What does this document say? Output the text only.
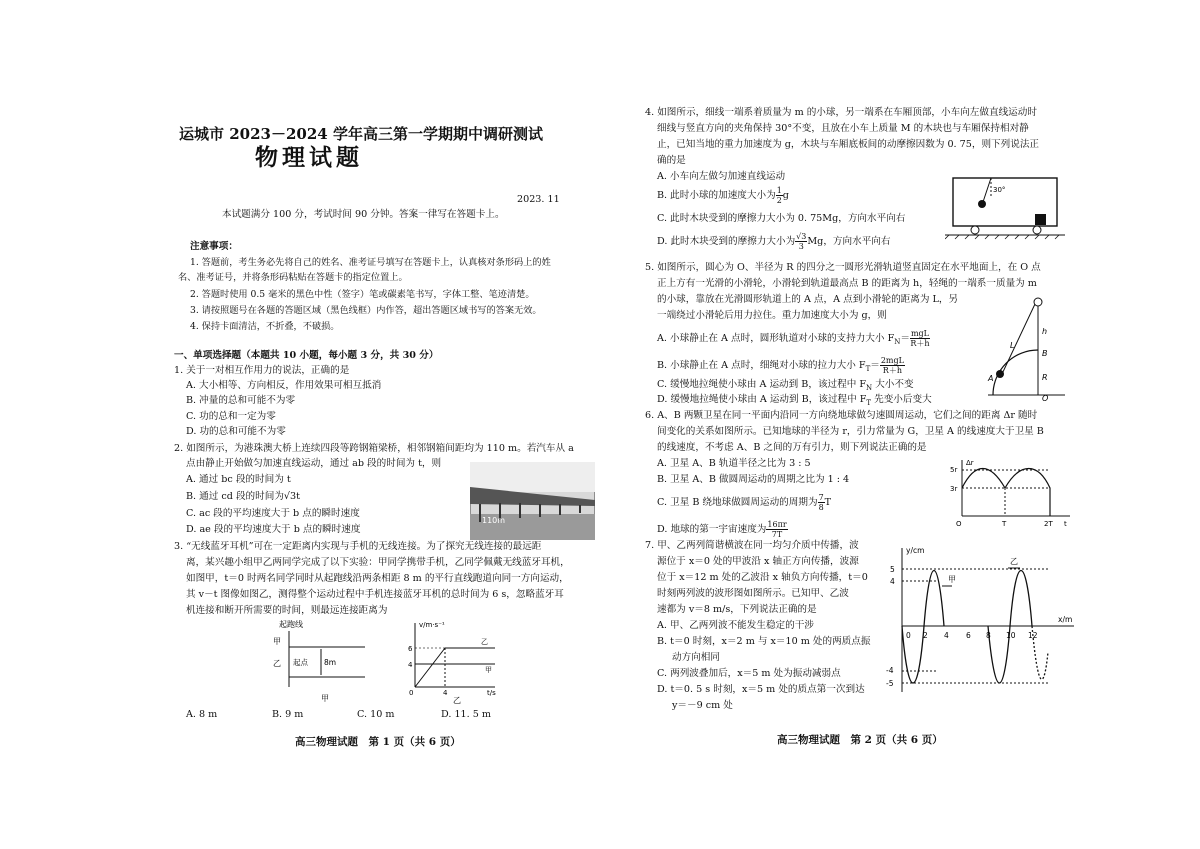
运城市 2023－2024 学年高三第一学期期中调研测试
物理试题
2023. 11
本试题满分 100 分，考试时间 90 分钟。答案一律写在答题卡上。
注意事项：
1. 答题前，考生务必先将自己的姓名、准考证号填写在答题卡上，认真核对条形码上的姓
名、准考证号，并将条形码粘贴在答题卡的指定位置上。
2. 答题时使用 0.5 毫米的黑色中性（签字）笔或碳素笔书写，字体工整、笔迹清楚。
3. 请按照题号在各题的答题区域（黑色线框）内作答，超出答题区域书写的答案无效。
4. 保持卡面清洁，不折叠，不破损。
一、单项选择题（本题共 10 小题，每小题 3 分，共 30 分）
1. 关于一对相互作用力的说法，正确的是
A. 大小相等、方向相反，作用效果可相互抵消
B. 冲量的总和可能不为零
C. 功的总和一定为零
D. 功的总和可能不为零
2. 如图所示，为港珠澳大桥上连续四段等跨钢箱梁桥，相邻钢箱间距均为 110 m。若汽车从 a
点由静止开始做匀加速直线运动，通过 ab 段的时间为 t，则
A. 通过 bc 段的时间为 t
B. 通过 cd 段的时间为√3t
C. ac 段的平均速度大于 b 点的瞬时速度
D. ae 段的平均速度大于 b 点的瞬时速度
110m
3. “无线蓝牙耳机”可在一定距离内实现与手机的无线连接。为了探究无线连接的最远距
离，某兴趣小组甲乙两同学完成了以下实验：甲同学携带手机，乙同学佩戴无线蓝牙耳机，
如图甲，t＝0 时两名同学同时从起跑线沿两条相距 8 m 的平行直线跑道向同一方向运动，
其 v－t 图像如图乙，测得整个运动过程中手机连接蓝牙耳机的总时间为 6 s，忽略蓝牙耳
机连接和断开所需要的时间，则最远连接距离为
起跑线
甲
乙 起点 8m
甲
v/m·s⁻¹
t/s
6
4
4
0
乙
甲
乙
A. 8 m	B. 9 m	C. 10 m	D. 11. 5 m
高三物理试题　第 1 页（共 6 页）
4. 如图所示，细线一端系着质量为 m 的小球，另一端系在车厢顶部，小车向左做直线运动时
细线与竖直方向的夹角保持 30°不变，且放在小车上质量 M 的木块也与车厢保持相对静
止，已知当地的重力加速度为 g，木块与车厢底板间的动摩擦因数为 0. 75，则下列说法正
确的是
A. 小车向左做匀加速直线运动
B. 此时小球的加速度大小为 $\frac{1}{2}$ g
C. 此时木块受到的摩擦力大小为 0. 75Mg，方向水平向右
D. 此时木块受到的摩擦力大小为 $\frac{√3}{3}$ Mg，方向水平向右
30°
5. 如图所示，圆心为 O、半径为 R 的四分之一圆形光滑轨道竖直固定在水平地面上，在 O 点
正上方有一光滑的小滑轮，小滑轮到轨道最高点 B 的距离为 h，轻绳的一端系一质量为 m
的小球，靠放在光滑圆形轨道上的 A 点，A 点到小滑轮的距离为 L，另
一端绕过小滑轮后用力拉住。重力加速度大小为 g，则
A. 小球静止在 A 点时，圆形轨道对小球的支持力大小 $F_N= \frac{\text{mgL}}{R+h}$
B. 小球静止在 A 点时，细绳对小球的拉力大小 $F_T= \frac{\text{2mgL}}{R+h}$
C. 缓慢地拉绳使小球由 A 运动到 B，该过程中 $F_N$ 大小不变
D. 缓慢地拉绳使小球由 A 运动到 B，该过程中 $F_T$ 先变小后变大
L
h
B
A	R
O
6. A、B 两颗卫星在同一平面内沿同一方向绕地球做匀速圆周运动，它们之间的距离 Δr 随时
间变化的关系如图所示。已知地球的半径为 r，引力常量为 G，卫星 A 的线速度大于卫星 B
的线速度，不考虑 A、B 之间的万有引力，则下列说法正确的是
A. 卫星 A、B 轨道半径之比为 3 : 5
B. 卫星 A、B 做圆周运动的周期之比为 1 : 4
C. 卫星 B 绕地球做圆周运动的周期为 $\frac{7}{8}$ T
D. 地球的第一宇宙速度为 $\frac{16\pi r}{7T}$
Δr
5r
3r
O	T	2T t
7. 甲、乙两列简谐横波在同一均匀介质中传播，波
源位于 x＝0 处的甲波沿 x 轴正方向传播，波源
位于 x＝12 m 处的乙波沿 x 轴负方向传播，t＝0
时刻两列波的波形图如图所示。已知甲、乙波
速都为 v＝8 m/s，下列说法正确的是
A. 甲、乙两列波不能发生稳定的干涉
B. t＝0 时刻，x＝2 m 与 x＝10 m 处的两质点振
动方向相同
C. 两列波叠加后，x＝5 m 处为振动减弱点
D. t＝0. 5 s 时刻，x＝5 m 处的质点第一次到达
y＝－9 cm 处
y/cm
x/m
5
4
-4
-5
甲
乙
0 2 4 6 8 10 12
高三物理试题　第 2 页（共 6 页）
